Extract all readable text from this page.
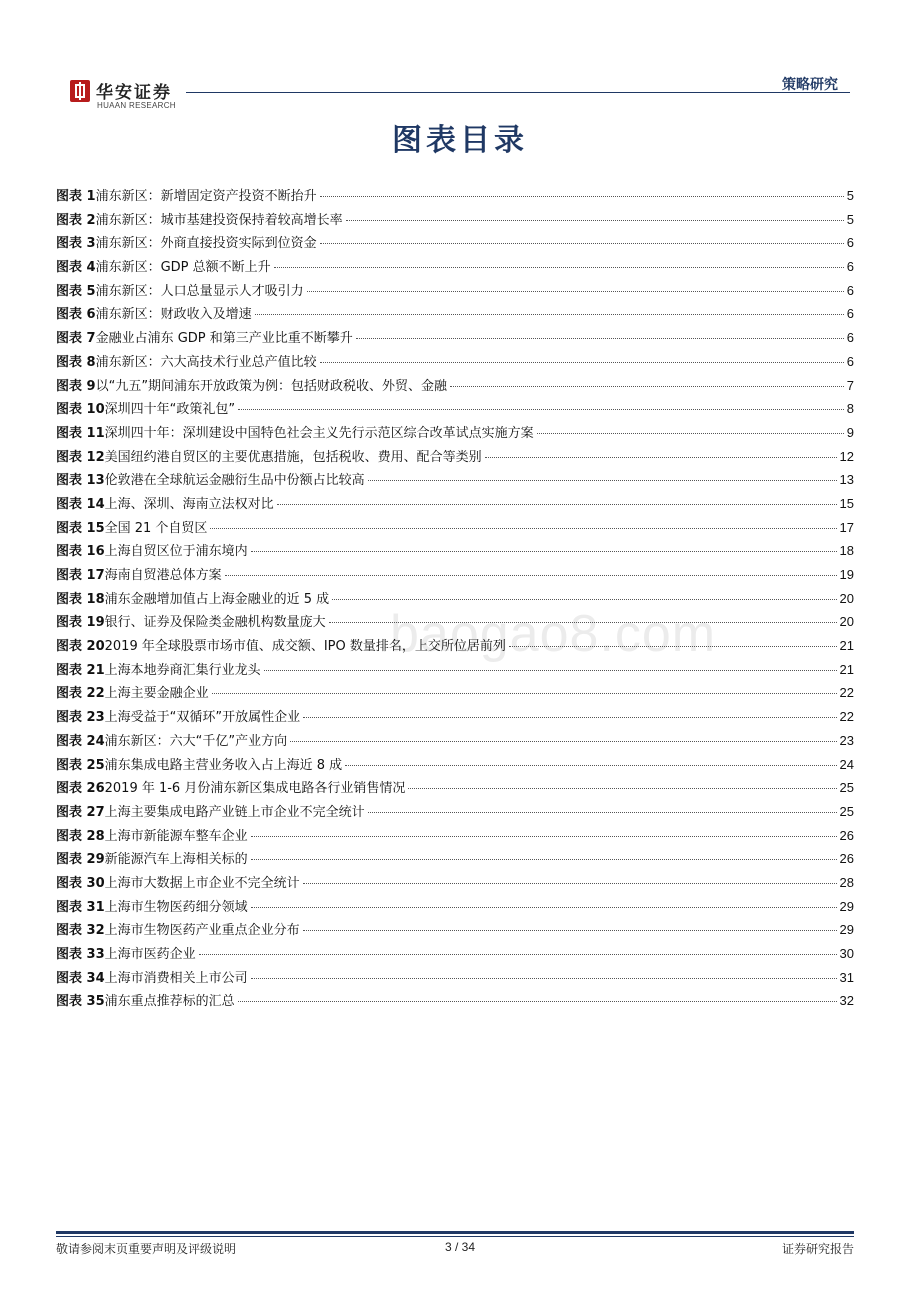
华安证券
HUAAN RESEARCH
策略研究
图表目录
baogao8.com
图表 1 浦东新区：新增固定资产投资不断抬升	5
图表 2 浦东新区：城市基建投资保持着较高增长率	5
图表 3 浦东新区：外商直接投资实际到位资金	6
图表 4 浦东新区：GDP 总额不断上升	6
图表 5 浦东新区：人口总量显示人才吸引力	6
图表 6 浦东新区：财政收入及增速	6
图表 7 金融业占浦东 GDP 和第三产业比重不断攀升	6
图表 8 浦东新区：六大高技术行业总产值比较	6
图表 9 以“九五”期间浦东开放政策为例：包括财政税收、外贸、金融	7
图表 10 深圳四十年“政策礼包”	8
图表 11 深圳四十年：深圳建设中国特色社会主义先行示范区综合改革试点实施方案	9
图表 12 美国纽约港自贸区的主要优惠措施，包括税收、费用、配合等类别	12
图表 13 伦敦港在全球航运金融衍生品中份额占比较高	13
图表 14 上海、深圳、海南立法权对比	15
图表 15 全国 21 个自贸区	17
图表 16 上海自贸区位于浦东境内	18
图表 17 海南自贸港总体方案	19
图表 18 浦东金融增加值占上海金融业的近 5 成	20
图表 19 银行、证券及保险类金融机构数量庞大	20
图表 20 2019 年全球股票市场市值、成交额、IPO 数量排名，上交所位居前列	21
图表 21 上海本地券商汇集行业龙头	21
图表 22 上海主要金融企业	22
图表 23 上海受益于“双循环”开放属性企业	22
图表 24 浦东新区：六大“千亿”产业方向	23
图表 25 浦东集成电路主营业务收入占上海近 8 成	24
图表 26 2019 年 1-6 月份浦东新区集成电路各行业销售情况	25
图表 27 上海主要集成电路产业链上市企业不完全统计	25
图表 28 上海市新能源车整车企业	26
图表 29 新能源汽车上海相关标的	26
图表 30 上海市大数据上市企业不完全统计	28
图表 31 上海市生物医药细分领域	29
图表 32 上海市生物医药产业重点企业分布	29
图表 33 上海市医药企业	30
图表 34 上海市消费相关上市公司	31
图表 35 浦东重点推荐标的汇总	32
敬请参阅末页重要声明及评级说明	3 / 34	证券研究报告
